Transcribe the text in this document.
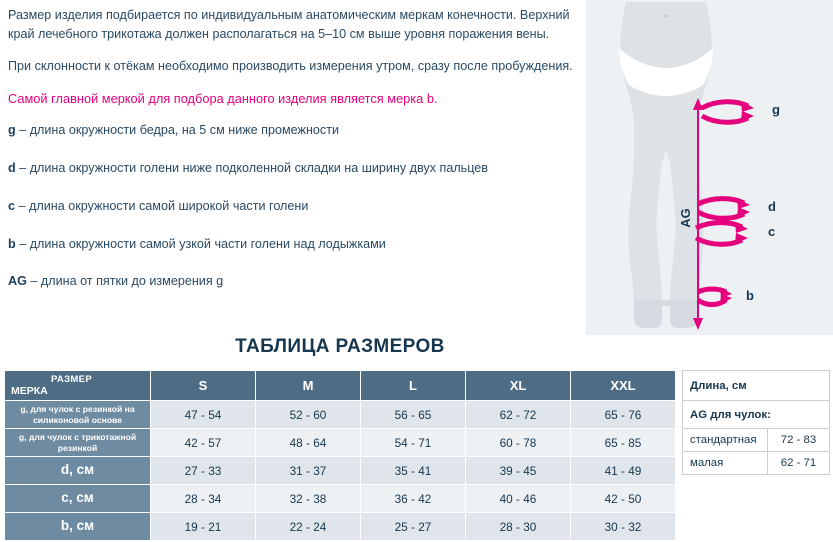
Размер изделия подбирается по индивидуальным анатомическим меркам конечности. Верхний край лечебного трикотажа должен располагаться на 5–10 см выше уровня поражения вены.
При склонности к отёкам необходимо производить измерения утром, сразу после пробуждения.
Самой главной меркой для подбора данного изделия является мерка b.
g – длина окружности бедра, на 5 см ниже промежности
d – длина окружности голени ниже подколенной складки на ширину двух пальцев
c – длина окружности самой широкой части голени
b – длина окружности самой узкой части голени над лодыжками
AG – длина от пятки до измерения g
AG
g
d
c
b
ТАБЛИЦА РАЗМЕРОВ
РАЗМЕР
МЕРКА	S	M	L	XL	XXL
g, для чулок с резинкой на силиконовой основе	47 - 54	52 - 60	56 - 65	62 - 72	65 - 76
g, для чулок с трикотажной резинкой	42 - 57	48 - 64	54 - 71	60 - 78	65 - 85
d, см	27 - 33	31 - 37	35 - 41	39 - 45	41 - 49
c, см	28 - 34	32 - 38	36 - 42	40 - 46	42 - 50
b, см	19 - 21	22 - 24	25 - 27	28 - 30	30 - 32
Длина, см	
AG для чулок:	
стандартная	72 - 83
малая	62 - 71
